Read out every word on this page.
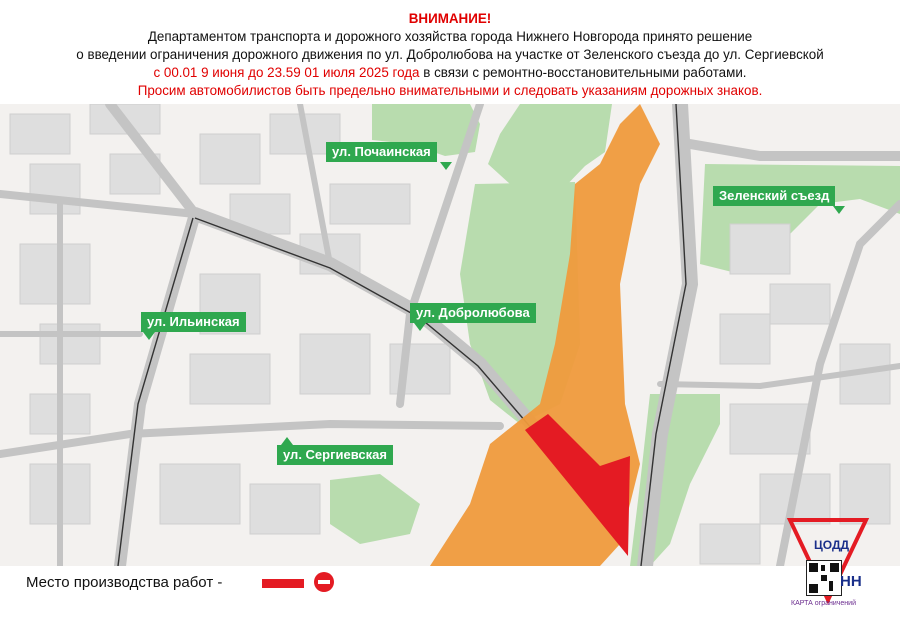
ВНИМАНИЕ!
Департаментом транспорта и дорожного хозяйства города Нижнего Новгорода принято решение
о введении ограничения дорожного движения по ул. Добролюбова на участке от Зеленского съезда до ул. Сергиевской
с 00.01 9 июня до 23.59 01 июля 2025 года в связи с ремонтно-восстановительными работами.
Просим автомобилистов быть предельно внимательными и следовать указаниям дорожных знаков.
ул. Почаинская
Зеленский съезд
ул. Ильинская
ул. Добролюбова
ул. Сергиевская
Место производства работ -
ЦОДД
НН
КАРТА ограничений
